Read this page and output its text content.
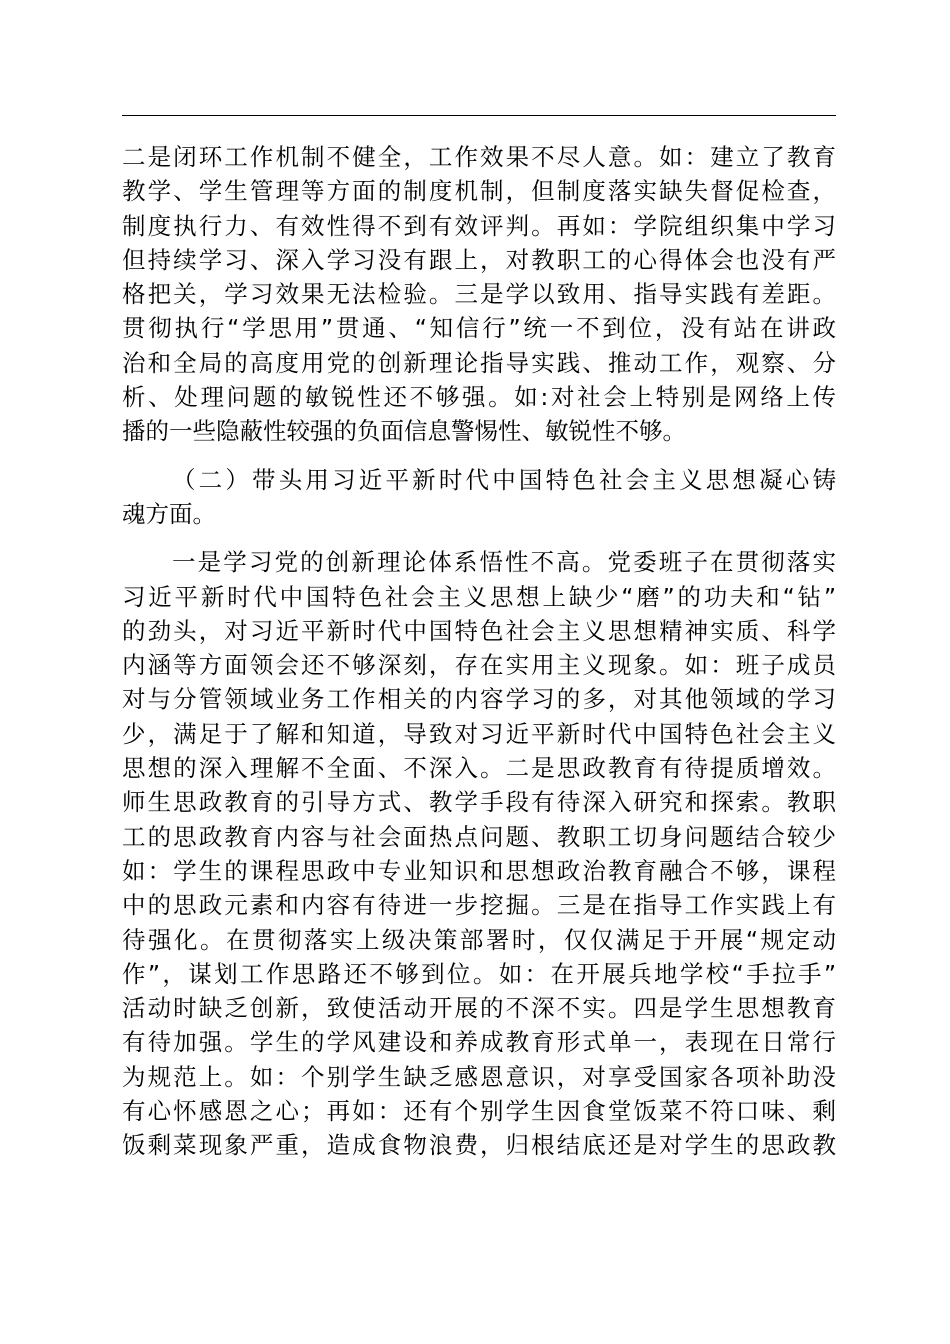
二是闭环工作机制不健全，工作效果不尽人意。如：建立了教育
教学、学生管理等方面的制度机制，但制度落实缺失督促检查，
制度执行力、有效性得不到有效评判。再如：学院组织集中学习
但持续学习、深入学习没有跟上，对教职工的心得体会也没有严
格把关，学习效果无法检验。三是学以致用、指导实践有差距。
贯彻执行“学思用”贯通、“知信行”统一不到位，没有站在讲政
治和全局的高度用党的创新理论指导实践、推动工作，观察、分
析、处理问题的敏锐性还不够强。如:对社会上特别是网络上传
播的一些隐蔽性较强的负面信息警惕性、敏锐性不够。
（二）带头用习近平新时代中国特色社会主义思想凝心铸
魂方面。
一是学习党的创新理论体系悟性不高。党委班子在贯彻落实
习近平新时代中国特色社会主义思想上缺少“磨”的功夫和“钻”
的劲头，对习近平新时代中国特色社会主义思想精神实质、科学
内涵等方面领会还不够深刻，存在实用主义现象。如：班子成员
对与分管领域业务工作相关的内容学习的多，对其他领域的学习
少，满足于了解和知道，导致对习近平新时代中国特色社会主义
思想的深入理解不全面、不深入。二是思政教育有待提质增效。
师生思政教育的引导方式、教学手段有待深入研究和探索。教职
工的思政教育内容与社会面热点问题、教职工切身问题结合较少
如：学生的课程思政中专业知识和思想政治教育融合不够，课程
中的思政元素和内容有待进一步挖掘。三是在指导工作实践上有
待强化。在贯彻落实上级决策部署时，仅仅满足于开展“规定动
作”，谋划工作思路还不够到位。如：在开展兵地学校“手拉手”
活动时缺乏创新，致使活动开展的不深不实。四是学生思想教育
有待加强。学生的学风建设和养成教育形式单一，表现在日常行
为规范上。如：个别学生缺乏感恩意识，对享受国家各项补助没
有心怀感恩之心；再如：还有个别学生因食堂饭菜不符口味、剩
饭剩菜现象严重，造成食物浪费，归根结底还是对学生的思政教
